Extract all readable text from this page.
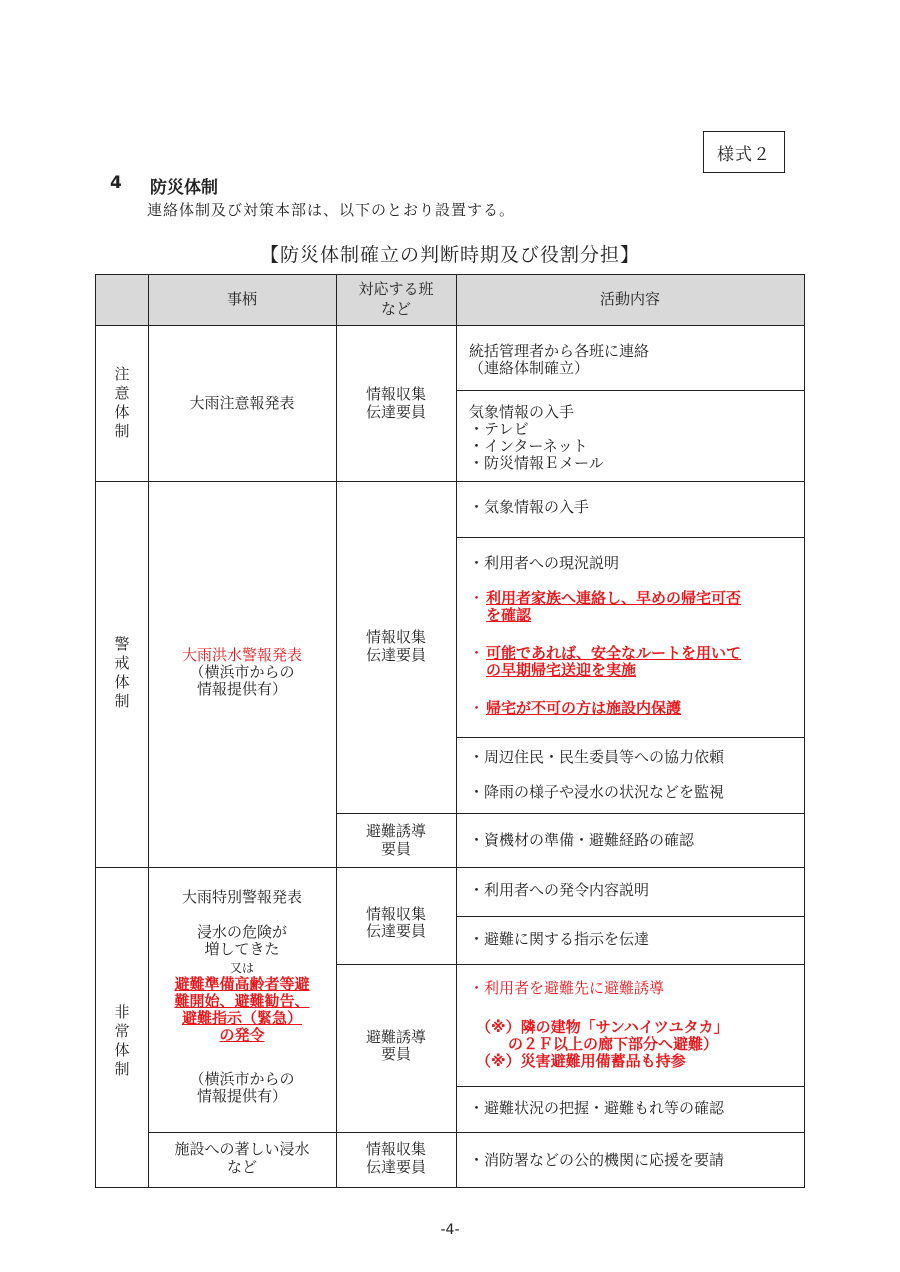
様式２
4 防災体制
連絡体制及び対策本部は、以下のとおり設置する。
【防災体制確立の判断時期及び役割分担】
事柄
対応する班
など
活動内容
注
意
体
制
大雨注意報発表	情報収集
伝達要員
統括管理者から各班に連絡
（連絡体制確立）
気象情報の入手
・テレビ
・インターネット
・防災情報Ｅメール
警
戒
体
制
大雨洪水警報発表
（横浜市からの
情報提供有）
情報収集
伝達要員
避難誘導
要員
・気象情報の入手
・利用者への現況説明
・ 利用者家族へ連絡し、早めの帰宅可否
を確認
・ 可能であれば、安全なルートを用いて
の早期帰宅送迎を実施
・ 帰宅が不可の方は施設内保護
・周辺住民・民生委員等への協力依頼
・降雨の様子や浸水の状況などを監視
・資機材の準備・避難経路の確認
非
常
体
制
大雨特別警報発表
浸水の危険が
増してきた
又は
避難準備高齢者等避
難開始、避難勧告、
避難指示（緊急）
の発令
（横浜市からの
情報提供有）
情報収集
伝達要員
避難誘導
要員
・利用者への発令内容説明
・避難に関する指示を伝達
・利用者を避難先に避難誘導
（※）隣の建物「サンハイツユタカ」
の２Ｆ以上の廊下部分へ避難）
（※）災害避難用備蓄品も持参
・避難状況の把握・避難もれ等の確認
施設への著しい浸水
など
情報収集
伝達要員	・消防署などの公的機関に応援を要請
-4-
